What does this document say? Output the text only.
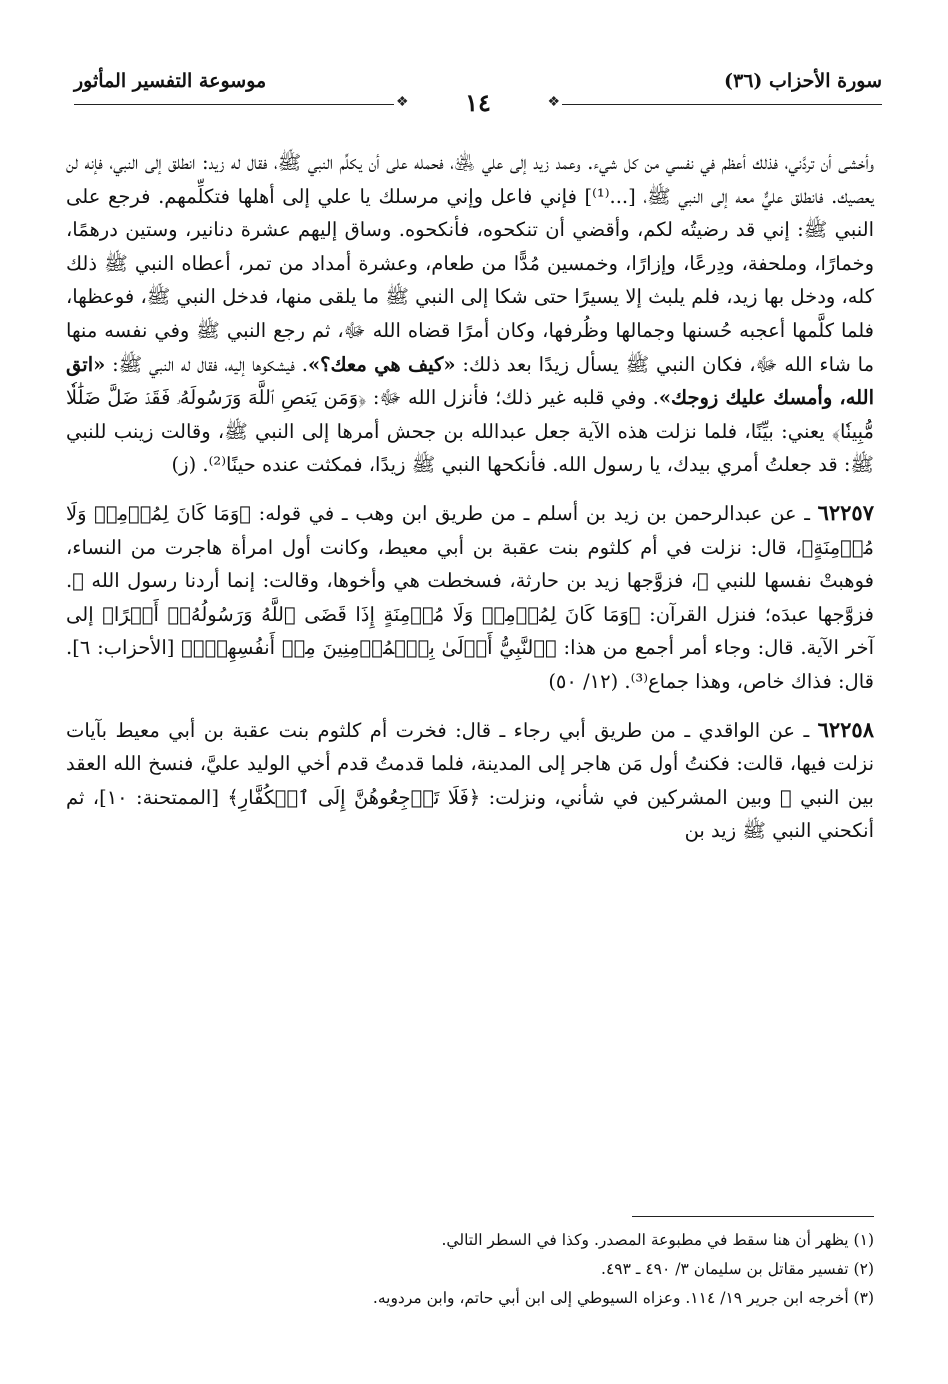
سورة الأحزاب (٣٦)
موسوعة التفسير المأثور
❖
١٤
❖

وأخشى أن تردَّني، فذلك أعظم في نفسي من كل شيء. وعمد زيد إلى علي ﵁، فحمله على أن يكلِّم النبي ﷺ، فقال له زيد: انطلق إلى النبي، فإنه لن يعصيك. فانطلق عليٌّ معه إلى النبي ﷺ، [...⁽¹⁾] فإني فاعل وإني مرسلك يا علي إلى أهلها فتكلِّمهم. فرجع على النبي ﷺ: إني قد رضيتُه لكم، وأقضي أن تنكحوه، فأنكحوه. وساق إليهم عشرة دنانير، وستين درهمًا، وخمارًا، وملحفة، ودِرعًا، وإزارًا، وخمسين مُدًّا من طعام، وعشرة أمداد من تمر، أعطاه النبي ﷺ ذلك كله، ودخل بها زيد، فلم يلبث إلا يسيرًا حتى شكا إلى النبي ﷺ ما يلقى منها، فدخل النبي ﷺ، فوعظها، فلما كلَّمها أعجبه حُسنها وجمالها وظُرفها، وكان أمرًا قضاه الله ﷻ، ثم رجع النبي ﷺ وفي نفسه منها ما شاء الله ﷻ، فكان النبي ﷺ يسأل زيدًا بعد ذلك: «كيف هي معك؟». فيشكوها إليه، فقال له النبي ﷺ: «اتق الله، وأمسك عليك زوجك». وفي قلبه غير ذلك؛ فأنزل الله ﷻ: ﴿وَمَن يَعۡصِ ٱللَّهَ وَرَسُولَهُۥ فَقَدۡ ضَلَّ ضَلَٰلٗا مُّبِينٗا﴾ يعني: بيِّنًا، فلما نزلت هذه الآية جعل عبدالله بن جحش أمرها إلى النبي ﷺ، وقالت زينب للنبي ﷺ: قد جعلتُ أمري بيدك، يا رسول الله. فأنكحها النبي ﷺ زيدًا، فمكثت عنده حينًا⁽²⁾. (ز)

٦٢٢٥٧ ـ عن عبدالرحمن بن زيد بن أسلم ـ من طريق ابن وهب ـ في قوله: ﴿وَمَا كَانَ لِمُؤۡمِنٖ وَلَا مُؤۡمِنَةٍ﴾، قال: نزلت في أم كلثوم بنت عقبة بن أبي معيط، وكانت أول امرأة هاجرت من النساء، فوهبتْ نفسها للنبي ﷺ، فزوَّجها زيد بن حارثة، فسخطت هي وأخوها، وقالت: إنما أردنا رسول الله ﷺ. فزوَّجها عبدَه؛ فنزل القرآن: ﴿وَمَا كَانَ لِمُؤۡمِنٖ وَلَا مُؤۡمِنَةٍ إِذَا قَضَى ٱللَّهُ وَرَسُولُهُۥٓ أَمۡرًا﴾ إلى آخر الآية. قال: وجاء أمر أجمع من هذا: ﴿ٱلنَّبِيُّ أَوۡلَىٰ بِٱلۡمُؤۡمِنِينَ مِنۡ أَنفُسِهِمۡۖ﴾ [الأحزاب: ٦]. قال: فذاك خاص، وهذا جماع⁽³⁾. (١٢/ ٥٠)

٦٢٢٥٨ ـ عن الواقدي ـ من طريق أبي رجاء ـ قال: فخرت أم كلثوم بنت عقبة بن أبي معيط بآيات نزلت فيها، قالت: فكنتُ أول مَن هاجر إلى المدينة، فلما قدمتُ قدم أخي الوليد عليَّ، فنسخ الله العقد بين النبي ﷺ وبين المشركين في شأني، ونزلت: ﴿فَلَا تَرۡجِعُوهُنَّ إِلَى ٱلۡكُفَّارِ﴾ [الممتحنة: ١٠]، ثم أنكحني النبي ﷺ زيد بن

(١) يظهر أن هنا سقط في مطبوعة المصدر. وكذا في السطر التالي.
(٢) تفسير مقاتل بن سليمان ٣/ ٤٩٠ ـ ٤٩٣.
(٣) أخرجه ابن جرير ١٩/ ١١٤. وعزاه السيوطي إلى ابن أبي حاتم، وابن مردويه.
